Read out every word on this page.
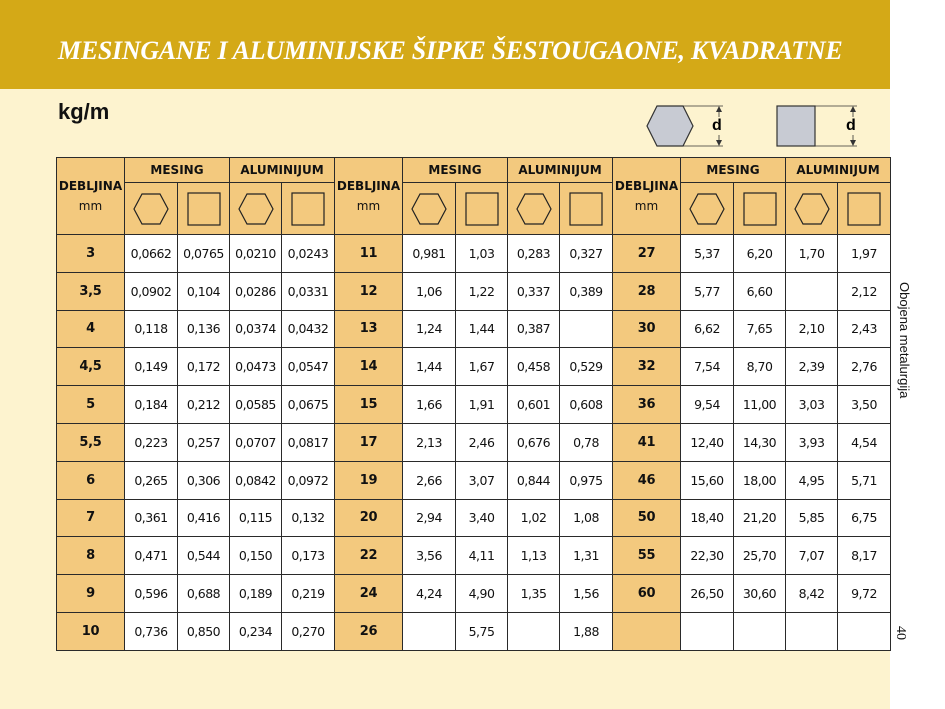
MESINGANE I ALUMINIJSKE ŠIPKE ŠESTOUGAONE, KVADRATNE
kg/m
d	d
Obojena metalurgija
40
DEBLJINA
mm	MESING		ALUMINIJUM		DEBLJINA
mm	MESING		ALUMINIJUM		DEBLJINA
mm	MESING		ALUMINIJUM	

3	0,0662	0,0765	0,0210	0,0243	11	0,981	1,03	0,283	0,327	27	5,37	6,20	1,70	1,97
3,5	0,0902	0,104	0,0286	0,0331	12	1,06	1,22	0,337	0,389	28	5,77	6,60		2,12
4	0,118	0,136	0,0374	0,0432	13	1,24	1,44	0,387		30	6,62	7,65	2,10	2,43
4,5	0,149	0,172	0,0473	0,0547	14	1,44	1,67	0,458	0,529	32	7,54	8,70	2,39	2,76
5	0,184	0,212	0,0585	0,0675	15	1,66	1,91	0,601	0,608	36	9,54	11,00	3,03	3,50
5,5	0,223	0,257	0,0707	0,0817	17	2,13	2,46	0,676	0,78	41	12,40	14,30	3,93	4,54
6	0,265	0,306	0,0842	0,0972	19	2,66	3,07	0,844	0,975	46	15,60	18,00	4,95	5,71
7	0,361	0,416	0,115	0,132	20	2,94	3,40	1,02	1,08	50	18,40	21,20	5,85	6,75
8	0,471	0,544	0,150	0,173	22	3,56	4,11	1,13	1,31	55	22,30	25,70	7,07	8,17
9	0,596	0,688	0,189	0,219	24	4,24	4,90	1,35	1,56	60	26,50	30,60	8,42	9,72
10	0,736	0,850	0,234	0,270	26		5,75		1,88					
